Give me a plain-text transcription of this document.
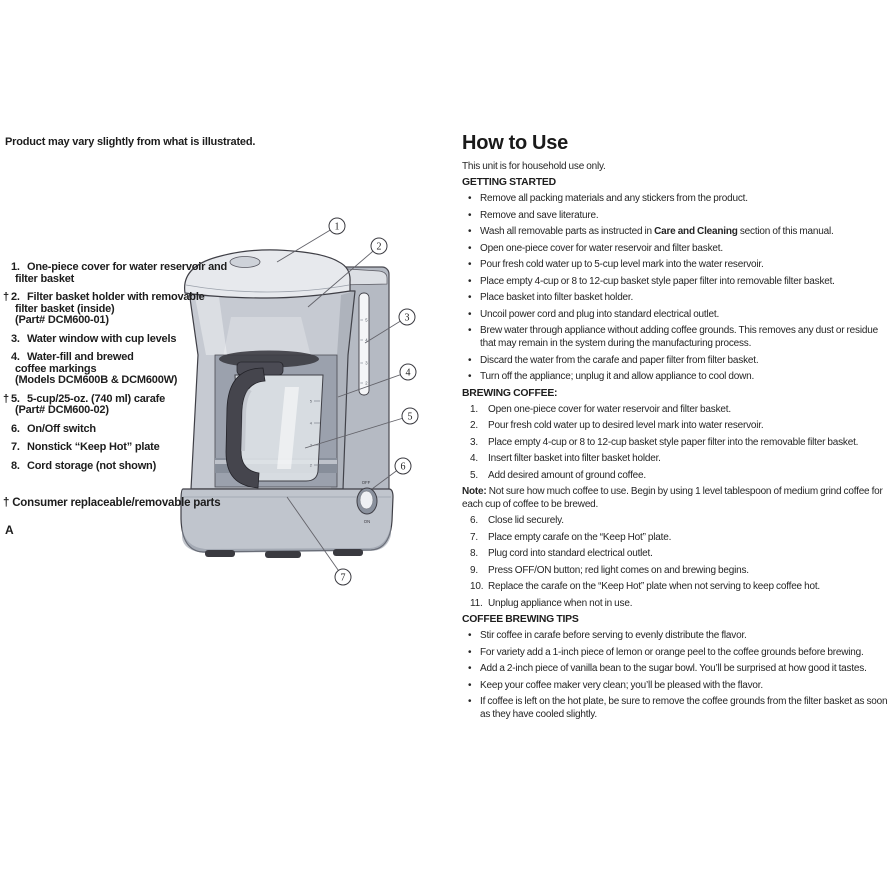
5
4
3
2
5
4
3
2
OFF
ON
1
2
3
4
5
6
7
Product may vary slightly from what is illustrated.
1. One-piece cover for water reservoir and
filter basket
† 2. Filter basket holder with removable
filter basket (inside)
(Part# DCM600-01)
3. Water window with cup levels
4. Water-fill and brewed
coffee markings
(Models DCM600B & DCM600W)
† 5. 5-cup/25-oz. (740 ml) carafe
(Part# DCM600-02)
6. On/Off switch
7. Nonstick “Keep Hot” plate
8. Cord storage (not shown)
† Consumer replaceable/removable parts
A
How to Use
This unit is for household use only.
GETTING STARTED
• Remove all packing materials and any stickers from the product.
• Remove and save literature.
• Wash all removable parts as instructed in Care and Cleaning section of this manual.
• Open one-piece cover for water reservoir and filter basket.
• Pour fresh cold water up to 5-cup level mark into the water reservoir.
• Place empty 4-cup or 8 to 12-cup basket style paper filter into removable filter basket.
• Place basket into filter basket holder.
• Uncoil power cord and plug into standard electrical outlet.
• Brew water through appliance without adding coffee grounds. This removes any dust or residue that may remain in the system during the manufacturing process.
• Discard the water from the carafe and paper filter from filter basket.
• Turn off the appliance; unplug it and allow appliance to cool down.
BREWING COFFEE:
1.	Open one-piece cover for water reservoir and filter basket.
2.	Pour fresh cold water up to desired level mark into water reservoir.
3.	Place empty 4-cup or 8 to 12-cup basket style paper filter into the removable filter basket.
4.	Insert filter basket into filter basket holder.
5.	Add desired amount of ground coffee.
Note: Not sure how much coffee to use. Begin by using 1 level tablespoon of medium grind coffee for each cup of coffee to be brewed.
6.	Close lid securely.
7.	Place empty carafe on the “Keep Hot” plate.
8.	Plug cord into standard electrical outlet.
9.	Press OFF/ON button; red light comes on and brewing begins.
10. Replace the carafe on the “Keep Hot” plate when not serving to keep coffee hot.
11. Unplug appliance when not in use.
COFFEE BREWING TIPS
• Stir coffee in carafe before serving to evenly distribute the flavor.
• For variety add a 1-inch piece of lemon or orange peel to the coffee grounds before brewing.
• Add a 2-inch piece of vanilla bean to the sugar bowl. You’ll be surprised at how good it tastes.
• Keep your coffee maker very clean; you’ll be pleased with the flavor.
• If coffee is left on the hot plate, be sure to remove the coffee grounds from the filter basket as soon as they have cooled slightly.
